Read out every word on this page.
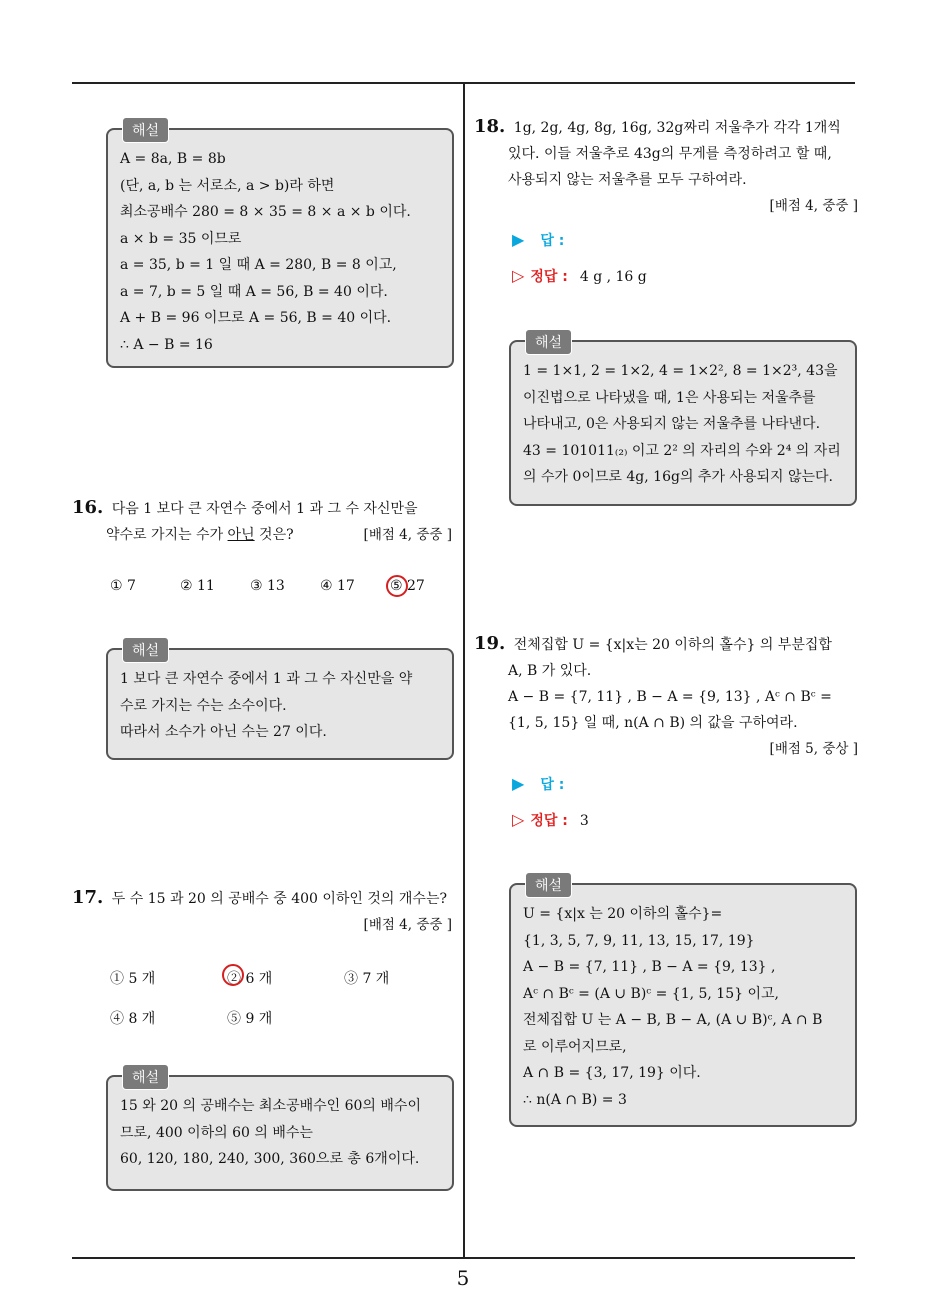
5
해설
A = 8a, B = 8b
(단, a, b 는 서로소, a > b)라 하면
최소공배수 280 = 8 × 35 = 8 × a × b 이다.
a × b = 35 이므로
a = 35, b = 1 일 때 A = 280, B = 8 이고,
a = 7, b = 5 일 때 A = 56, B = 40 이다.
A + B = 96 이므로 A = 56, B = 40 이다.
∴ A − B = 16
16. 다음 1 보다 큰 자연수 중에서 1 과 그 수 자신만을
약수로 가지는 수가 아닌 것은?	[배점 4, 중중 ]
① 7	② 11	③ 13	④ 17	⑤ 27
해설
1 보다 큰 자연수 중에서 1 과 그 수 자신만을 약
수로 가지는 수는 소수이다.
따라서 소수가 아닌 수는 27 이다.
17. 두 수 15 과 20 의 공배수 중 400 이하인 것의 개수는?
[배점 4, 중중 ]
① 5 개	② 6 개	③ 7 개
④ 8 개	⑤ 9 개
해설
15 와 20 의 공배수는 최소공배수인 60의 배수이
므로, 400 이하의 60 의 배수는
60, 120, 180, 240, 300, 360으로 총 6개이다.
18. 1g, 2g, 4g, 8g, 16g, 32g짜리 저울추가 각각 1개씩
있다. 이들 저울추로 43g의 무게를 측정하려고 할 때,
사용되지 않는 저울추를 모두 구하여라.
[배점 4, 중중 ]
▶ 답 :
▷ 정답 : 4 g , 16 g
해설
1 = 1×1, 2 = 1×2, 4 = 1×2², 8 = 1×2³, 43을
이진법으로 나타냈을 때, 1은 사용되는 저울추를
나타내고, 0은 사용되지 않는 저울추를 나타낸다.
43 = 101011₍₂₎ 이고 2² 의 자리의 수와 2⁴ 의 자리
의 수가 0이므로 4g, 16g의 추가 사용되지 않는다.
19. 전체집합 U = {x|x는 20 이하의 홀수} 의 부분집합
A, B 가 있다.
A − B = {7, 11} , B − A = {9, 13} , Aᶜ ∩ Bᶜ =
{1, 5, 15} 일 때, n(A ∩ B) 의 값을 구하여라.
[배점 5, 중상 ]
▶ 답 :
▷ 정답 : 3
해설
U = {x|x 는 20 이하의 홀수}=
{1, 3, 5, 7, 9, 11, 13, 15, 17, 19}
A − B = {7, 11} , B − A = {9, 13} ,
Aᶜ ∩ Bᶜ = (A ∪ B)ᶜ = {1, 5, 15} 이고,
전체집합 U 는 A − B, B − A, (A ∪ B)ᶜ, A ∩ B
로 이루어지므로,
A ∩ B = {3, 17, 19} 이다.
∴ n(A ∩ B) = 3
